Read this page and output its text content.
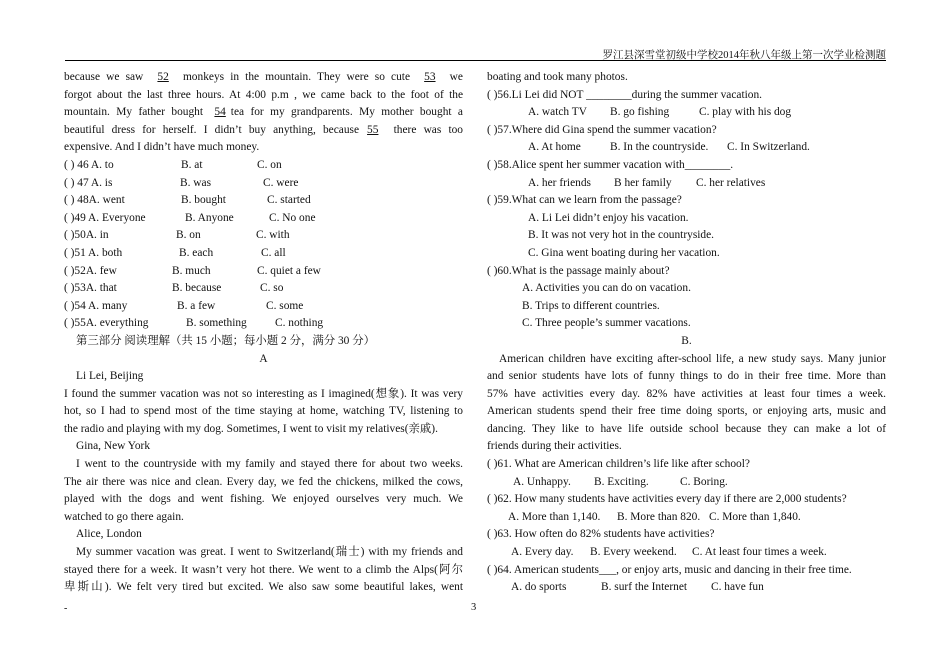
罗江县深雪堂初级中学校2014年秋八年级上第一次学业检测题
because we saw 52 monkeys in the mountain. They were so cute 53 we
forgot about the last three hours. At 4:00 p.m , we came back to the foot of the
mountain. My father bought 54 tea for my grandparents. My mother bought a
beautiful dress for herself. I didn’t buy anything, because 55 there was too
expensive. And I didn’t have much money.
( ) 46 A. to	B. at	C. on
( ) 47 A. is	B. was	C. were
( ) 48A. went	B. bought	C. started
( )49 A. Everyone	B. Anyone	C. No one
( )50A. in	B. on	C. with
( )51 A. both	B. each	C. all
( )52A. few	B. much	C. quiet a few
( )53A. that	B. because	C. so
( )54 A. many	B. a few	C. some
( )55A. everything	B. something C. nothing
第三部分 阅读理解（共 15 小题；每小题 2 分，满分 30 分）
A
Li Lei, Beijing
I found the summer vacation was not so interesting as I imagined(想象). It was very
hot, so I had to spend most of the time staying at home, watching TV, listening to
the radio and playing with my dog. Sometimes, I went to visit my relatives(亲戚).
Gina, New York
I went to the countryside with my family and stayed there for about two weeks.
The air there was nice and clean. Every day, we fed the chickens, milked the cows,
played with the dogs and went fishing. We enjoyed ourselves very much. We
watched to go there again.
Alice, London
My summer vacation was great. I went to Switzerland(瑞士) with my friends and
stayed there for a week. It wasn’t very hot there. We went to a climb the Alps(阿尔
卑斯山). We felt very tired but excited. We also saw some beautiful lakes, went
boating and took many photos.
( )56.Li Lei did NOT ________during the summer vacation.
A. watch TV B. go fishing	C. play with his dog
( )57.Where did Gina spend the summer vacation?
A. At home	B. In the countryside. C. In Switzerland.
( )58.Alice spent her summer vacation with________.
A. her friends B her family C. her relatives
( )59.What can we learn from the passage?
A. Li Lei didn’t enjoy his vacation.
B. It was not very hot in the countryside.
C. Gina went boating during her vacation.
( )60.What is the passage mainly about?
A. Activities you can do on vacation.
B. Trips to different countries.
C. Three people’s summer vacations.
B.
American children have exciting after-school life, a new study says. Many junior
and senior students have lots of funny things to do in their free time. More than
57% have activities every day. 82% have activities at least four times a week.
American students spend their free time doing sports, or enjoying arts, music and
dancing. They like to have life outside school because they can make a lot of
friends during their activities.
( )61. What are American children’s life like after school?
A. Unhappy. B. Exciting.	C. Boring.
( )62. How many students have activities every day if there are 2,000 students?
A. More than 1,140. B. More than 820. C. More than 1,840.
( )63. How often do 82% students have activities?
A. Every day. B. Every weekend. C. At least four times a week.
( )64. American students___, or enjoy arts, music and dancing in their free time.
A. do sports	B. surf the Internet C. have fun
-	3
